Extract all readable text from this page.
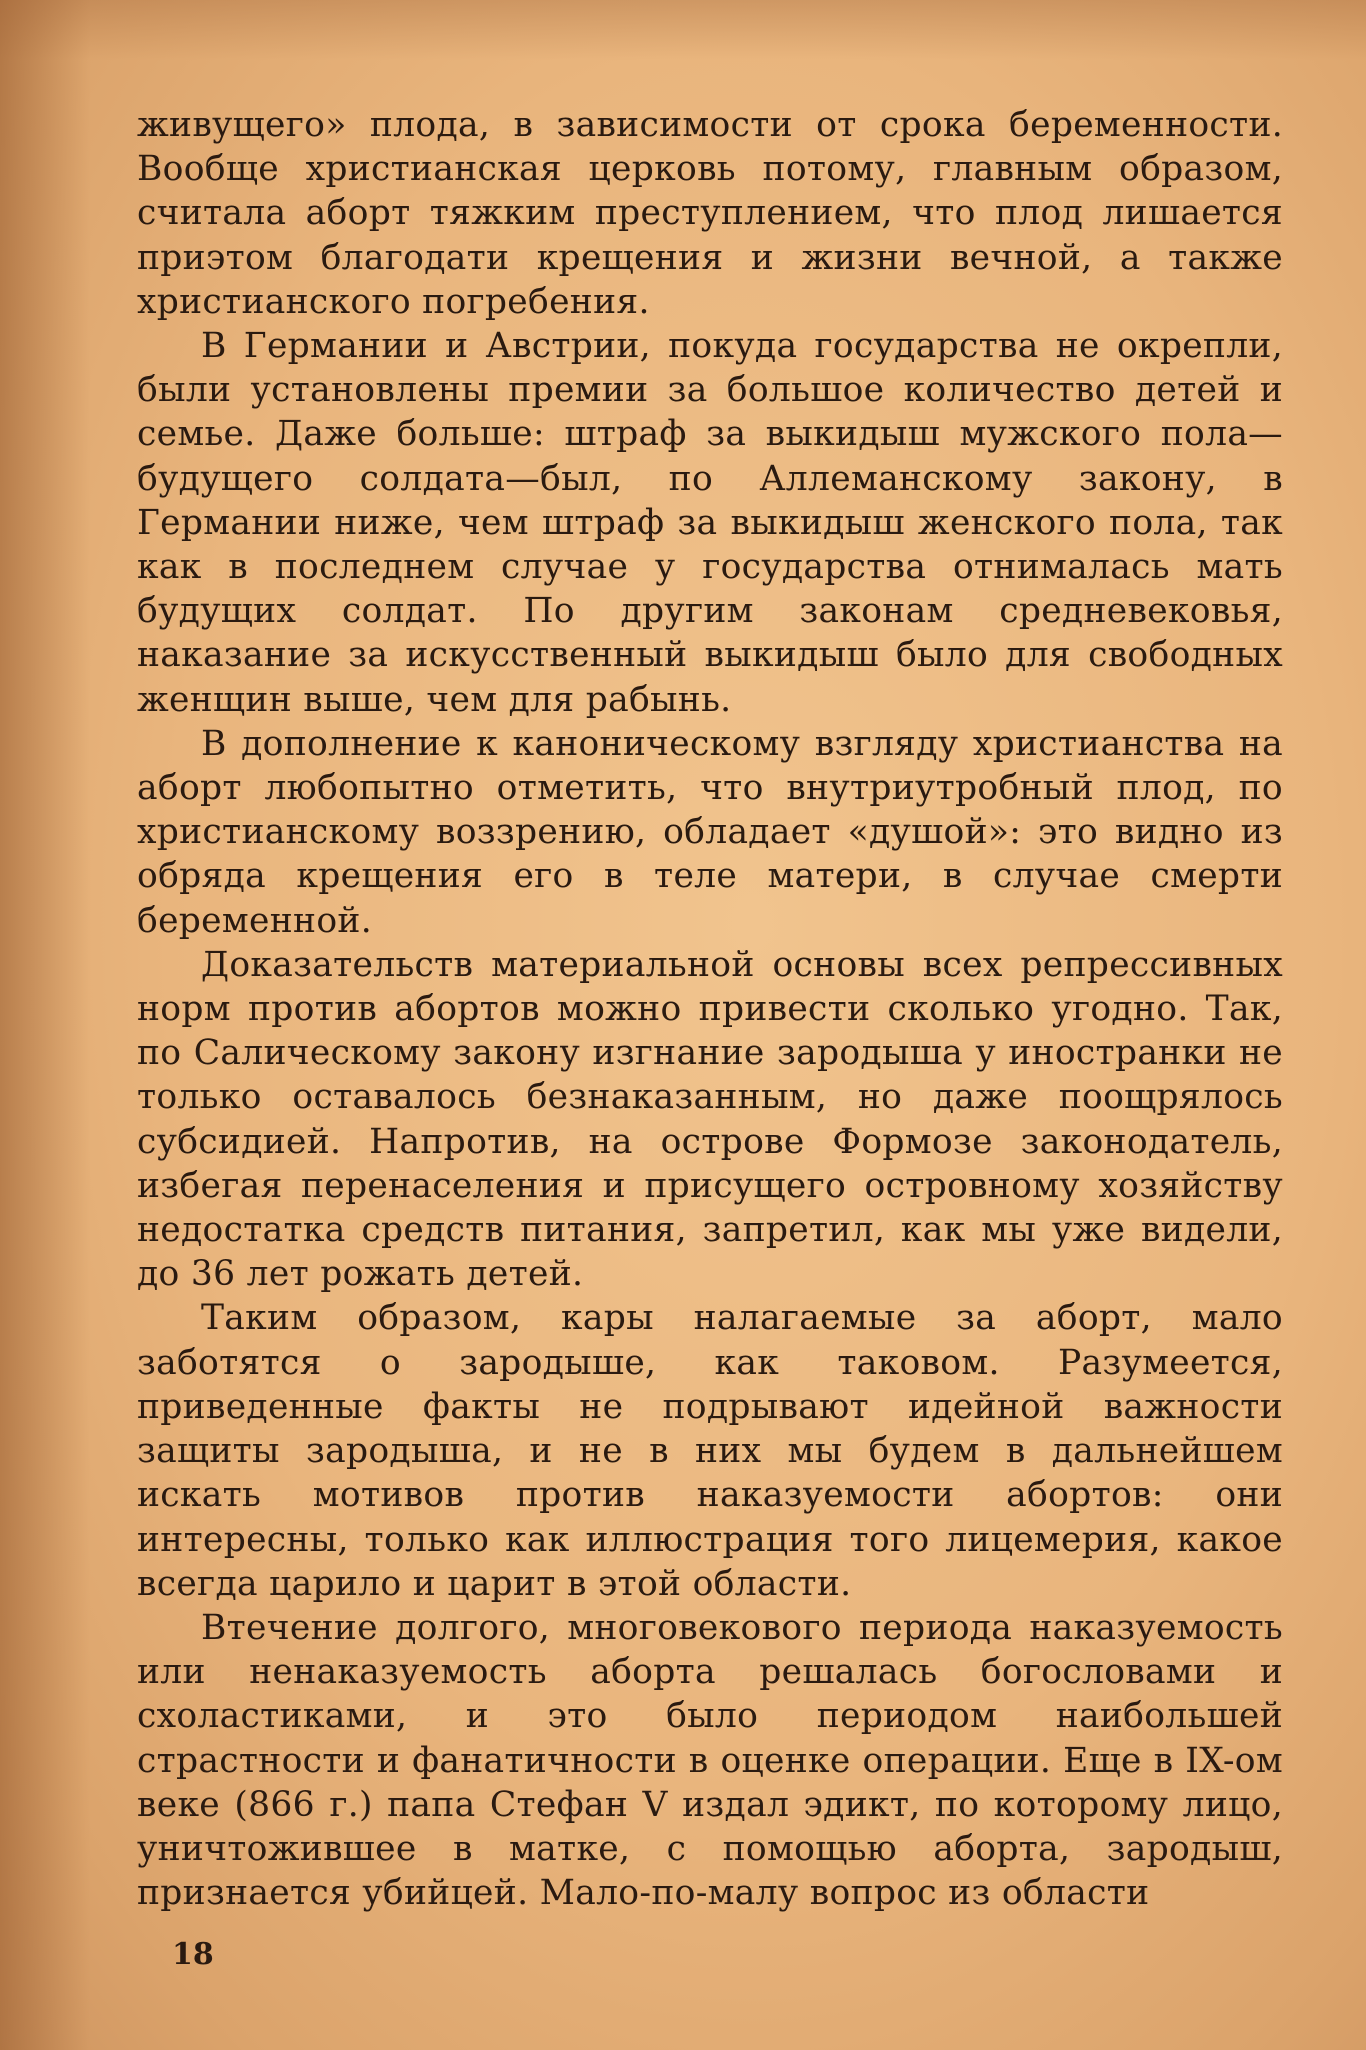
живущего» плода, в зависимости от срока беременности. Вообще христианская церковь потому, главным образом, считала аборт тяжким преступлением, что плод лишается приэтом благодати крещения и жизни вечной, а также христианского погребения.

В Германии и Австрии, покуда государства не окрепли, были установлены премии за большое количество детей и семье. Даже больше: штраф за выкидыш мужского пола—будущего солдата—был, по Аллеманскому закону, в Германии ниже, чем штраф за выкидыш женского пола, так как в последнем случае у государства отнималась мать будущих солдат. По другим законам средневековья, наказание за искусственный выкидыш было для свободных женщин выше, чем для рабынь.

В дополнение к каноническому взгляду христианства на аборт любопытно отметить, что внутриутробный плод, по христианскому воззрению, обладает «душой»: это видно из обряда крещения его в теле матери, в случае смерти беременной.

Доказательств материальной основы всех репрессивных норм против абортов можно привести сколько угодно. Так, по Салическому закону изгнание зародыша у иностранки не только оставалось безнаказанным, но даже поощрялось субсидией. Напротив, на острове Формозе законодатель, избегая перенаселения и присущего островному хозяйству недостатка средств питания, запретил, как мы уже видели, до 36 лет рожать детей.

Таким образом, кары налагаемые за аборт, мало заботятся о зародыше, как таковом. Разумеется, приведенные факты не подрывают идейной важности защиты зародыша, и не в них мы будем в дальнейшем искать мотивов против наказуемости абортов: они интересны, только как иллюстрация того лицемерия, какое всегда царило и царит в этой области.

Втечение долгого, многовекового периода наказуемость или ненаказуемость аборта решалась богословами и схоластиками, и это было периодом наибольшей страстности и фанатичности в оценке операции. Еще в IX-ом веке (866 г.) папа Стефан V издал эдикт, по которому лицо, уничтожившее в матке, с помощью аборта, зародыш, признается убийцей. Мало-по-малу вопрос из области

18
